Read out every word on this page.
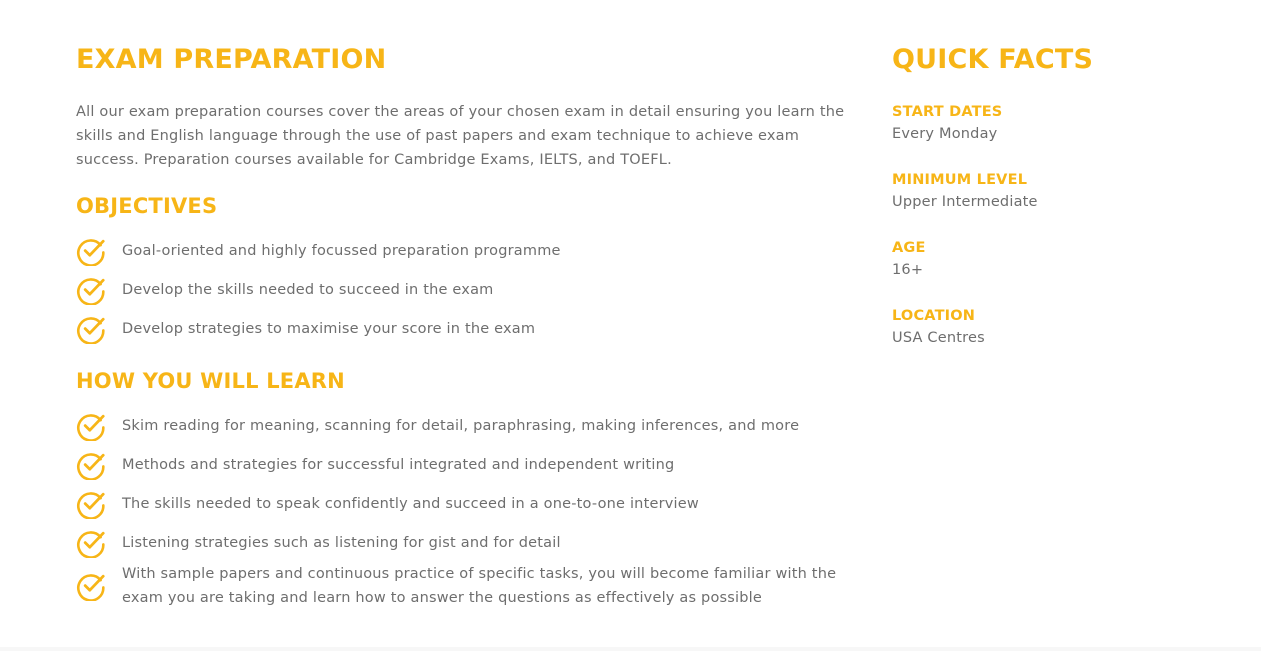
EXAM PREPARATION

All our exam preparation courses cover the areas of your chosen exam in detail ensuring you learn the skills and English language through the use of past papers and exam technique to achieve exam success. Preparation courses available for Cambridge Exams, IELTS, and TOEFL.

OBJECTIVES
Goal-oriented and highly focussed preparation programme
Develop the skills needed to succeed in the exam
Develop strategies to maximise your score in the exam
HOW YOU WILL LEARN
Skim reading for meaning, scanning for detail, paraphrasing, making inferences, and more
Methods and strategies for successful integrated and independent writing
The skills needed to speak confidently and succeed in a one-to-one interview
Listening strategies such as listening for gist and for detail
With sample papers and continuous practice of specific tasks, you will become familiar with the exam you are taking and learn how to answer the questions as effectively as possible
QUICK FACTS
START DATES
Every Monday
MINIMUM LEVEL
Upper Intermediate
AGE
16+
LOCATION
USA Centres
